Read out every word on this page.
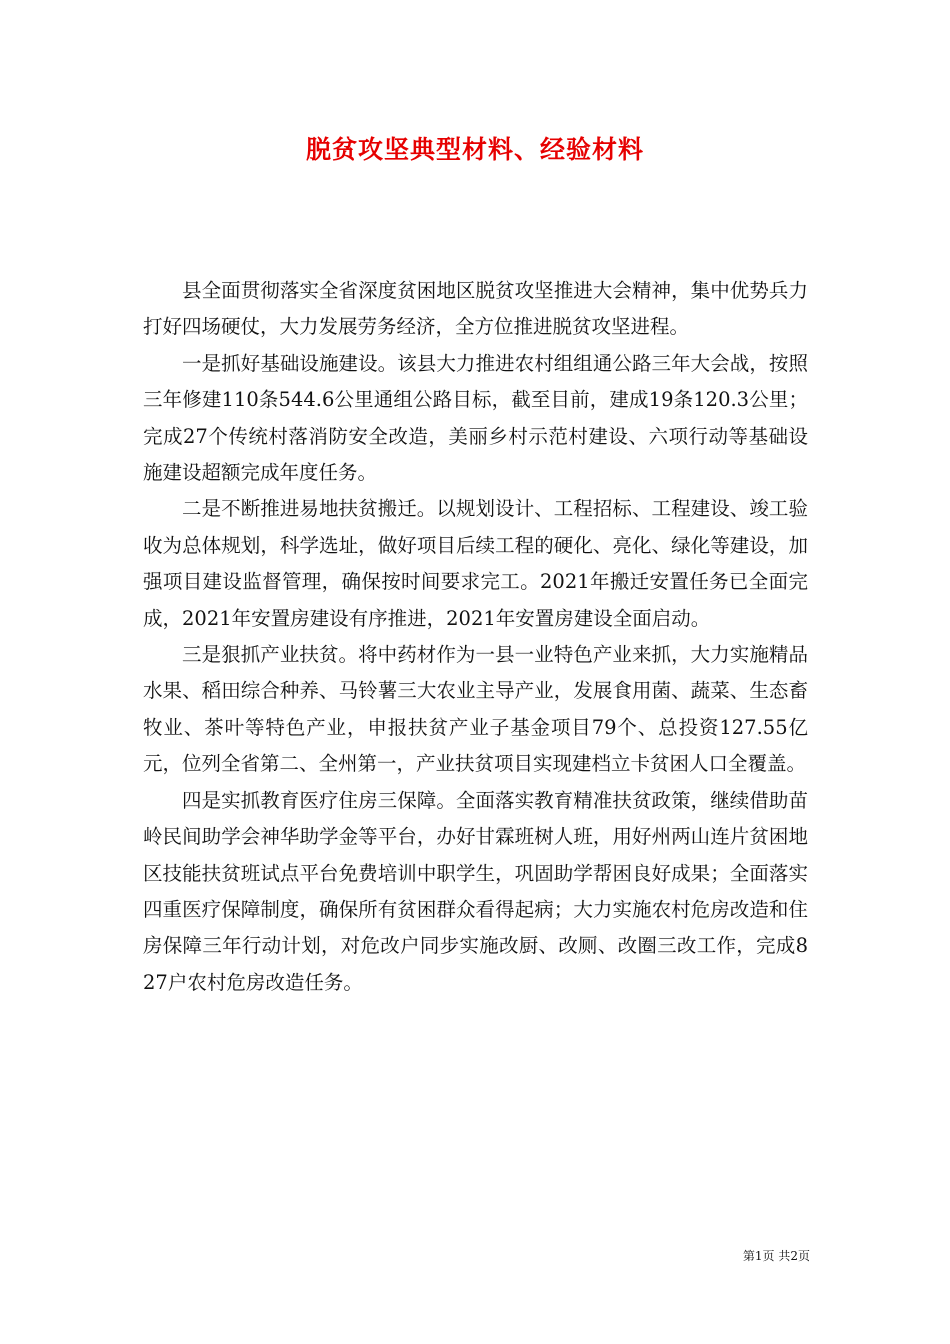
脱贫攻坚典型材料、经验材料

县全面贯彻落实全省深度贫困地区脱贫攻坚推进大会精神，集中优势兵力打好四场硬仗，大力发展劳务经济，全方位推进脱贫攻坚进程。

一是抓好基础设施建设。该县大力推进农村组组通公路三年大会战，按照三年修建110条544.6公里通组公路目标，截至目前，建成19条120.3公里；完成27个传统村落消防安全改造，美丽乡村示范村建设、六项行动等基础设施建设超额完成年度任务。

二是不断推进易地扶贫搬迁。以规划设计、工程招标、工程建设、竣工验收为总体规划，科学选址，做好项目后续工程的硬化、亮化、绿化等建设，加强项目建设监督管理，确保按时间要求完工。2021年搬迁安置任务已全面完成，2021年安置房建设有序推进，2021年安置房建设全面启动。

三是狠抓产业扶贫。将中药材作为一县一业特色产业来抓，大力实施精品水果、稻田综合种养、马铃薯三大农业主导产业，发展食用菌、蔬菜、生态畜牧业、茶叶等特色产业，申报扶贫产业子基金项目79个、总投资127.55亿元，位列全省第二、全州第一，产业扶贫项目实现建档立卡贫困人口全覆盖。

四是实抓教育医疗住房三保障。全面落实教育精准扶贫政策，继续借助苗岭民间助学会神华助学金等平台，办好甘霖班树人班，用好州两山连片贫困地区技能扶贫班试点平台免费培训中职学生，巩固助学帮困良好成果；全面落实四重医疗保障制度，确保所有贫困群众看得起病；大力实施农村危房改造和住房保障三年行动计划，对危改户同步实施改厨、改厕、改圈三改工作，完成827户农村危房改造任务。

第1页 共2页
